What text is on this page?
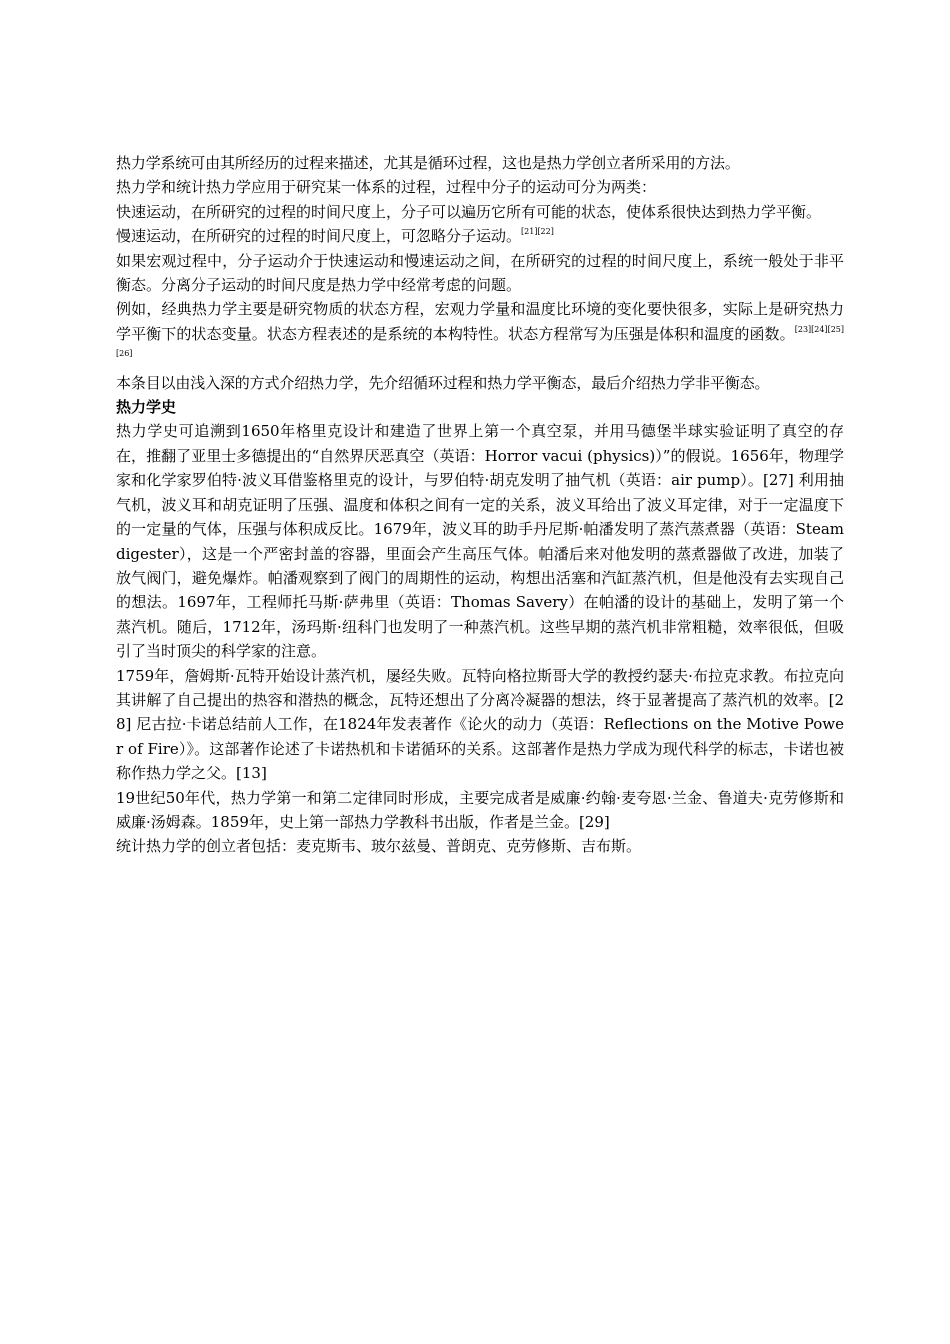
热力学系统可由其所经历的过程来描述，尤其是循环过程，这也是热力学创立者所采用的方法。

热力学和统计热力学应用于研究某一体系的过程，过程中分子的运动可分为两类：

快速运动，在所研究的过程的时间尺度上，分子可以遍历它所有可能的状态，使体系很快达到热力学平衡。

慢速运动，在所研究的过程的时间尺度上，可忽略分子运动。[21][22]

如果宏观过程中，分子运动介于快速运动和慢速运动之间，在所研究的过程的时间尺度上，系统一般处于非平衡态。分离分子运动的时间尺度是热力学中经常考虑的问题。

例如，经典热力学主要是研究物质的状态方程，宏观力学量和温度比环境的变化要快很多，实际上是研究热力学平衡下的状态变量。状态方程表述的是系统的本构特性。状态方程常写为压强是体积和温度的函数。[23][24][25][26]

本条目以由浅入深的方式介绍热力学，先介绍循环过程和热力学平衡态，最后介绍热力学非平衡态。

热力学史

热力学史可追溯到1650年格里克设计和建造了世界上第一个真空泵，并用马德堡半球实验证明了真空的存在，推翻了亚里士多德提出的“自然界厌恶真空（英语：Horror vacui (physics)）”的假说。1656年，物理学家和化学家罗伯特·波义耳借鉴格里克的设计，与罗伯特·胡克发明了抽气机（英语：air pump）。[27] 利用抽气机，波义耳和胡克证明了压强、温度和体积之间有一定的关系，波义耳给出了波义耳定律，对于一定温度下的一定量的气体，压强与体积成反比。1679年，波义耳的助手丹尼斯·帕潘发明了蒸汽蒸煮器（英语：Steam digester），这是一个严密封盖的容器，里面会产生高压气体。帕潘后来对他发明的蒸煮器做了改进，加装了放气阀门，避免爆炸。帕潘观察到了阀门的周期性的运动，构想出活塞和汽缸蒸汽机，但是他没有去实现自己的想法。1697年，工程师托马斯·萨弗里（英语：Thomas Savery）在帕潘的设计的基础上，发明了第一个蒸汽机。随后，1712年，汤玛斯·纽科门也发明了一种蒸汽机。这些早期的蒸汽机非常粗糙，效率很低，但吸引了当时顶尖的科学家的注意。

1759年，詹姆斯·瓦特开始设计蒸汽机，屡经失败。瓦特向格拉斯哥大学的教授约瑟夫·布拉克求教。布拉克向其讲解了自己提出的热容和潜热的概念，瓦特还想出了分离冷凝器的想法，终于显著提高了蒸汽机的效率。[28] 尼古拉·卡诺总结前人工作，在1824年发表著作《论火的动力（英语：Reflections on the Motive Power of Fire）》。这部著作论述了卡诺热机和卡诺循环的关系。这部著作是热力学成为现代科学的标志，卡诺也被称作热力学之父。[13]

19世纪50年代，热力学第一和第二定律同时形成，主要完成者是威廉·约翰·麦夸恩·兰金、鲁道夫·克劳修斯和威廉·汤姆森。1859年，史上第一部热力学教科书出版，作者是兰金。[29]

统计热力学的创立者包括：麦克斯韦、玻尔兹曼、普朗克、克劳修斯、吉布斯。
